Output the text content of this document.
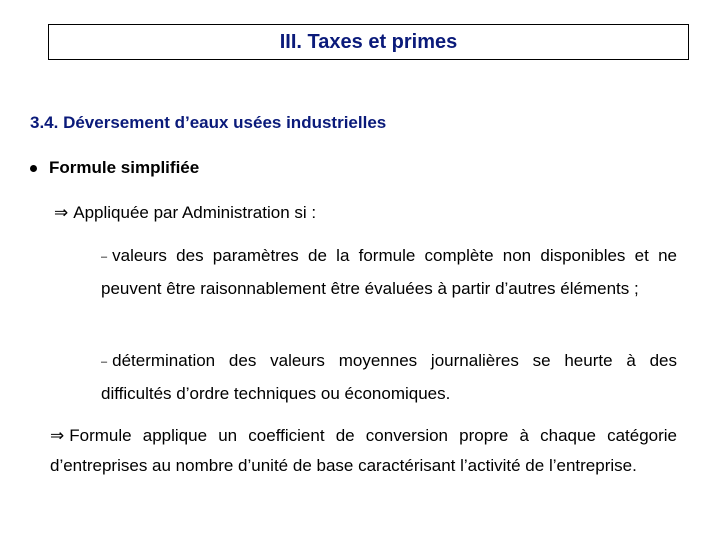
III. Taxes et primes
3.4. Déversement d’eaux usées industrielles
Formule simplifiée
⇒ Appliquée par Administration si :
– valeurs des paramètres de la formule complète non disponibles et ne peuvent être raisonnablement être évaluées à partir d’autres éléments ;
– détermination des valeurs moyennes journalières se heurte à des difficultés d’ordre techniques ou économiques.
⇒ Formule applique un coefficient de conversion propre à chaque catégorie d’entreprises au nombre d’unité de base caractérisant l’activité de l’entreprise.
